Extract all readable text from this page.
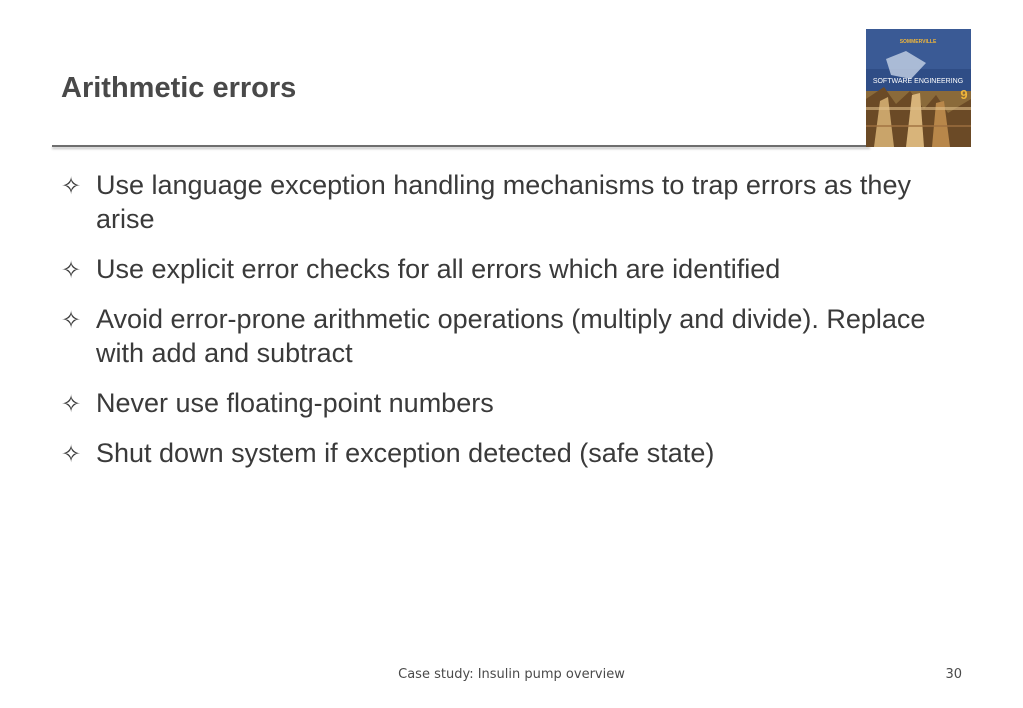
Arithmetic errors
SOMMERVILLE
SOFTWARE ENGINEERING
9
✧ Use language exception handling mechanisms to trap errors as they arise
✧ Use explicit error checks for all errors which are identified
✧ Avoid error-prone arithmetic operations (multiply and divide). Replace with add and subtract
✧ Never use floating-point numbers
✧ Shut down system if exception detected (safe state)
Case study: Insulin pump overview	30
